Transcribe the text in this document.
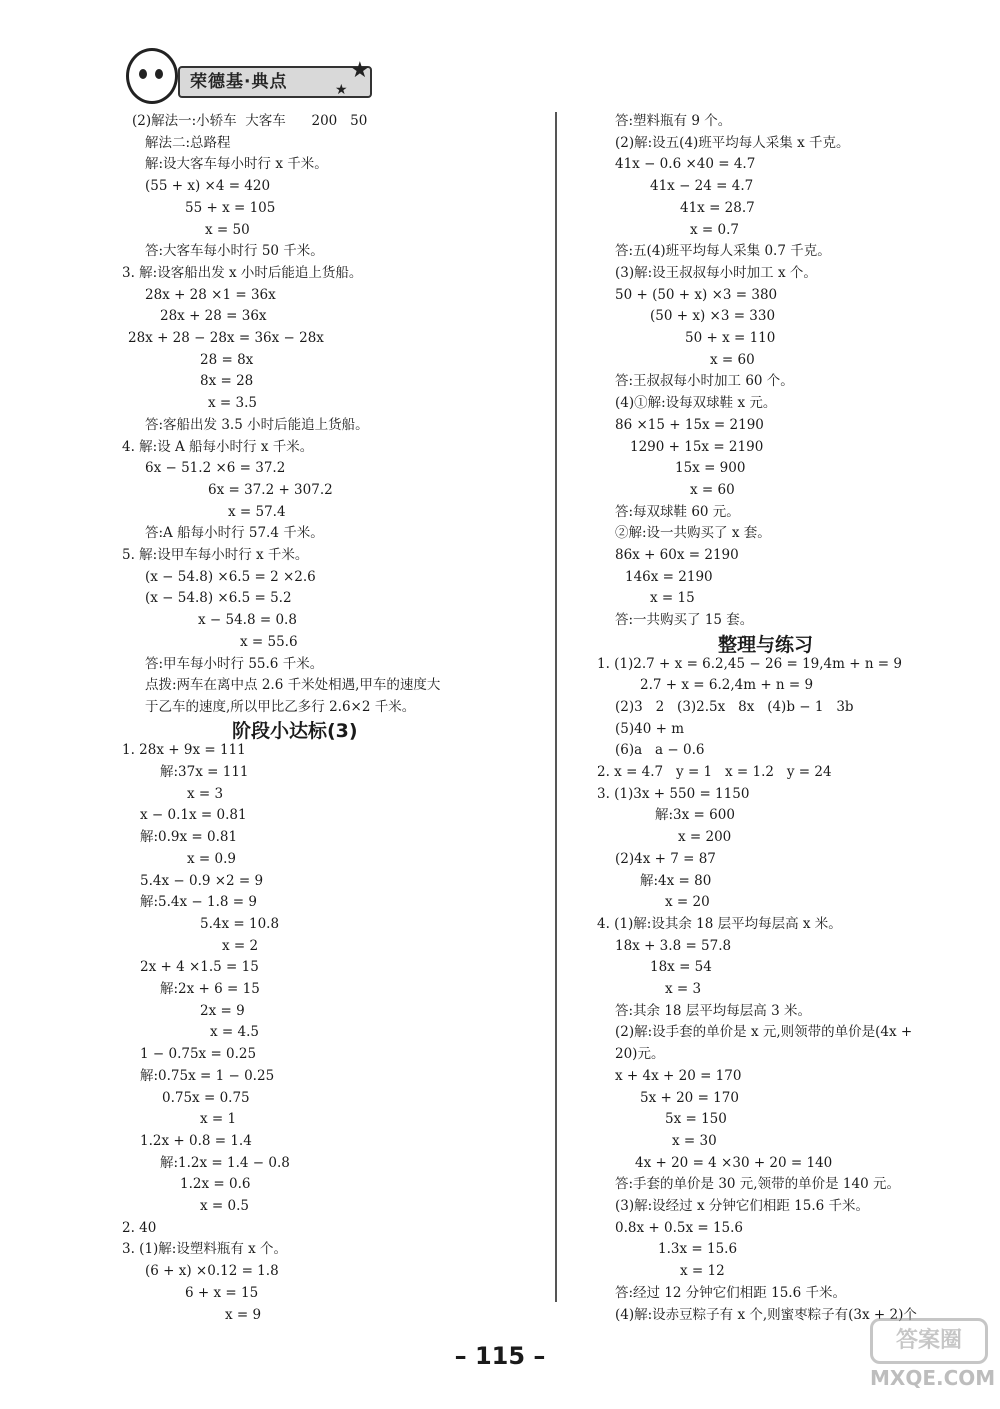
荣德基·典点	★
★
(2)解法一:小轿车  大客车      200   50
解法二:总路程
解:设大客车每小时行 x 千米。
(55 + x) ×4 = 420
55 + x = 105
x = 50
答:大客车每小时行 50 千米。
3. 解:设客船出发 x 小时后能追上货船。
28x + 28 ×1 = 36x
28x + 28 = 36x
28x + 28 − 28x = 36x − 28x
28 = 8x
8x = 28
x = 3.5
答:客船出发 3.5 小时后能追上货船。
4. 解:设 A 船每小时行 x 千米。
6x − 51.2 ×6 = 37.2
6x = 37.2 + 307.2
x = 57.4
答:A 船每小时行 57.4 千米。
5. 解:设甲车每小时行 x 千米。
(x − 54.8) ×6.5 = 2 ×2.6
(x − 54.8) ×6.5 = 5.2
x − 54.8 = 0.8
x = 55.6
答:甲车每小时行 55.6 千米。
点拨:两车在离中点 2.6 千米处相遇,甲车的速度大
于乙车的速度,所以甲比乙多行 2.6×2 千米。
1. 28x + 9x = 111
解:37x = 111
x = 3
x − 0.1x = 0.81
解:0.9x = 0.81
x = 0.9
5.4x − 0.9 ×2 = 9
解:5.4x − 1.8 = 9
5.4x = 10.8
x = 2
2x + 4 ×1.5 = 15
解:2x + 6 = 15
2x = 9
x = 4.5
1 − 0.75x = 0.25
解:0.75x = 1 − 0.25
0.75x = 0.75
x = 1
1.2x + 0.8 = 1.4
解:1.2x = 1.4 − 0.8
1.2x = 0.6
x = 0.5
2. 40
3. (1)解:设塑料瓶有 x 个。
(6 + x) ×0.12 = 1.8
6 + x = 15
x = 9
答:塑料瓶有 9 个。
(2)解:设五(4)班平均每人采集 x 千克。
41x − 0.6 ×40 = 4.7
41x − 24 = 4.7
41x = 28.7
x = 0.7
答:五(4)班平均每人采集 0.7 千克。
(3)解:设王叔叔每小时加工 x 个。
50 + (50 + x) ×3 = 380
(50 + x) ×3 = 330
50 + x = 110
x = 60
答:王叔叔每小时加工 60 个。
(4)①解:设每双球鞋 x 元。
86 ×15 + 15x = 2190
1290 + 15x = 2190
15x = 900
x = 60
答:每双球鞋 60 元。
②解:设一共购买了 x 套。
86x + 60x = 2190
146x = 2190
x = 15
答:一共购买了 15 套。
1. (1)2.7 + x = 6.2,45 − 26 = 19,4m + n = 9
2.7 + x = 6.2,4m + n = 9
(2)3   2   (3)2.5x   8x   (4)b − 1   3b
(5)40 + m
(6)a   a − 0.6
2. x = 4.7   y = 1   x = 1.2   y = 24
3. (1)3x + 550 = 1150
解:3x = 600
x = 200
(2)4x + 7 = 87
解:4x = 80
x = 20
4. (1)解:设其余 18 层平均每层高 x 米。
18x + 3.8 = 57.8
18x = 54
x = 3
答:其余 18 层平均每层高 3 米。
(2)解:设手套的单价是 x 元,则领带的单价是(4x +
20)元。
x + 4x + 20 = 170
5x + 20 = 170
5x = 150
x = 30
4x + 20 = 4 ×30 + 20 = 140
答:手套的单价是 30 元,领带的单价是 140 元。
(3)解:设经过 x 分钟它们相距 15.6 千米。
0.8x + 0.5x = 15.6
1.3x = 15.6
x = 12
答:经过 12 分钟它们相距 15.6 千米。
(4)解:设赤豆粽子有 x 个,则蜜枣粽子有(3x + 2)个
阶段小达标(3)
整理与练习
– 115 –
答案圈
MXQE.COM
